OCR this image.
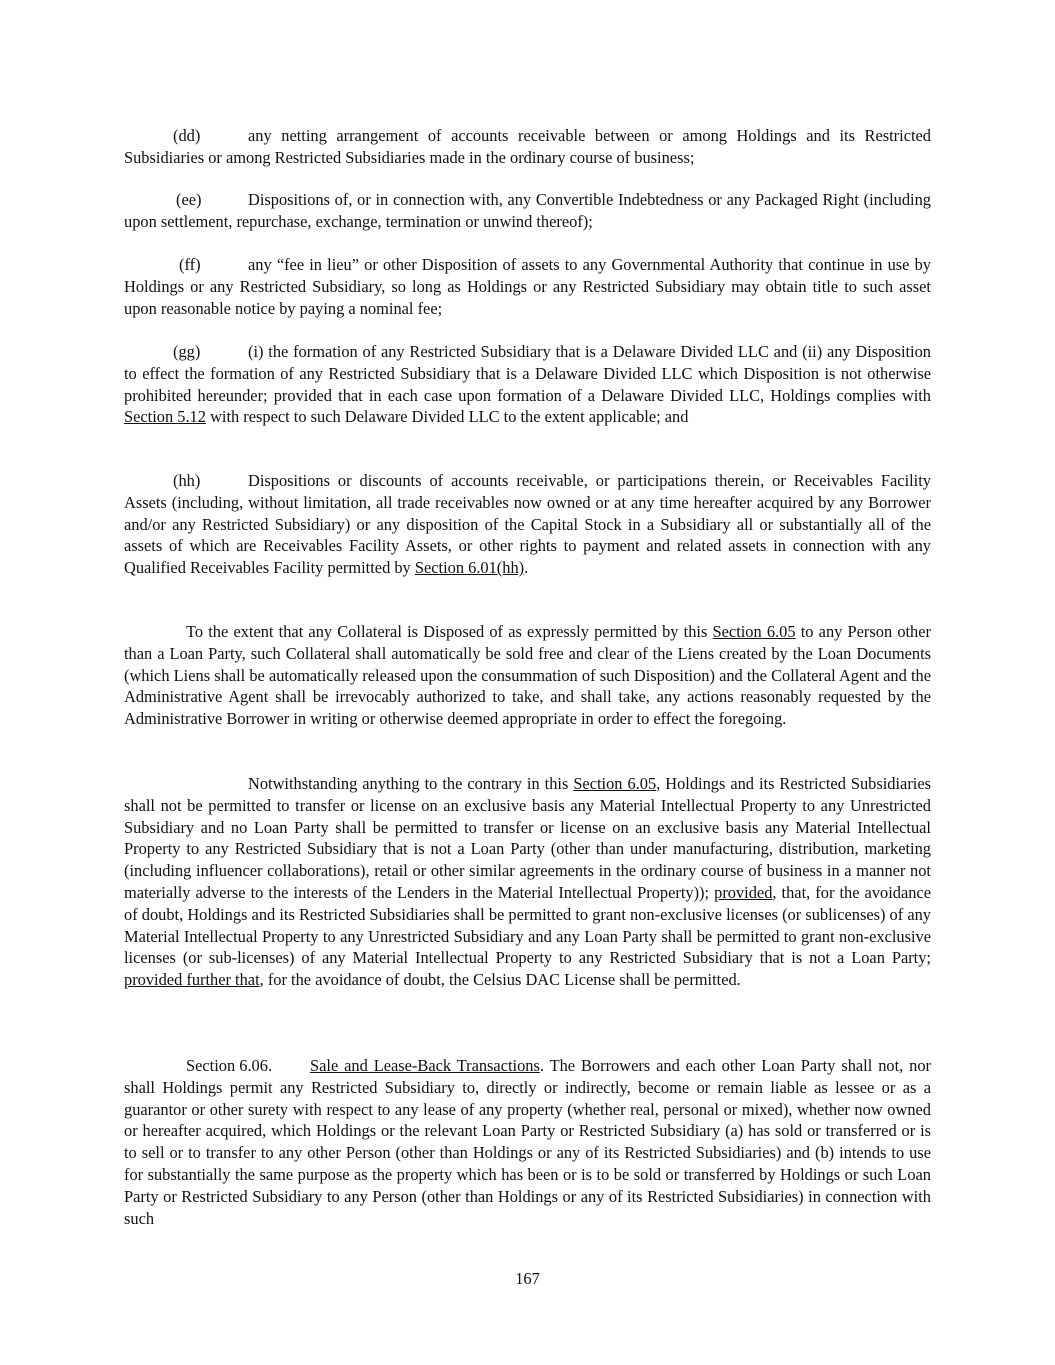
(dd)	any netting arrangement of accounts receivable between or among Holdings and its Restricted Subsidiaries or among Restricted Subsidiaries made in the ordinary course of business;

(ee)	Dispositions of, or in connection with, any Convertible Indebtedness or any Packaged Right (including upon settlement, repurchase, exchange, termination or unwind thereof);

(ff)	any “fee in lieu” or other Disposition of assets to any Governmental Authority that continue in use by Holdings or any Restricted Subsidiary, so long as Holdings or any Restricted Subsidiary may obtain title to such asset upon reasonable notice by paying a nominal fee;

(gg)	(i) the formation of any Restricted Subsidiary that is a Delaware Divided LLC and (ii) any Disposition to effect the formation of any Restricted Subsidiary that is a Delaware Divided LLC which Disposition is not otherwise prohibited hereunder; provided that in each case upon formation of a Delaware Divided LLC, Holdings complies with Section 5.12 with respect to such Delaware Divided LLC to the extent applicable; and

(hh)	Dispositions or discounts of accounts receivable, or participations therein, or Receivables Facility Assets (including, without limitation, all trade receivables now owned or at any time hereafter acquired by any Borrower and/or any Restricted Subsidiary) or any disposition of the Capital Stock in a Subsidiary all or substantially all of the assets of which are Receivables Facility Assets, or other rights to payment and related assets in connection with any Qualified Receivables Facility permitted by Section 6.01(hh).

To the extent that any Collateral is Disposed of as expressly permitted by this Section 6.05 to any Person other than a Loan Party, such Collateral shall automatically be sold free and clear of the Liens created by the Loan Documents (which Liens shall be automatically released upon the consummation of such Disposition) and the Collateral Agent and the Administrative Agent shall be irrevocably authorized to take, and shall take, any actions reasonably requested by the Administrative Borrower in writing or otherwise deemed appropriate in order to effect the foregoing.

Notwithstanding anything to the contrary in this Section 6.05, Holdings and its Restricted Subsidiaries shall not be permitted to transfer or license on an exclusive basis any Material Intellectual Property to any Unrestricted Subsidiary and no Loan Party shall be permitted to transfer or license on an exclusive basis any Material Intellectual Property to any Restricted Subsidiary that is not a Loan Party (other than under manufacturing, distribution, marketing (including influencer collaborations), retail or other similar agreements in the ordinary course of business in a manner not materially adverse to the interests of the Lenders in the Material Intellectual Property)); provided, that, for the avoidance of doubt, Holdings and its Restricted Subsidiaries shall be permitted to grant non-exclusive licenses (or sublicenses) of any Material Intellectual Property to any Unrestricted Subsidiary and any Loan Party shall be permitted to grant non-exclusive licenses (or sub-licenses) of any Material Intellectual Property to any Restricted Subsidiary that is not a Loan Party; provided further that, for the avoidance of doubt, the Celsius DAC License shall be permitted.

Section 6.06. Sale and Lease-Back Transactions. The Borrowers and each other Loan Party shall not, nor shall Holdings permit any Restricted Subsidiary to, directly or indirectly, become or remain liable as lessee or as a guarantor or other surety with respect to any lease of any property (whether real, personal or mixed), whether now owned or hereafter acquired, which Holdings or the relevant Loan Party or Restricted Subsidiary (a) has sold or transferred or is to sell or to transfer to any other Person (other than Holdings or any of its Restricted Subsidiaries) and (b) intends to use for substantially the same purpose as the property which has been or is to be sold or transferred by Holdings or such Loan Party or Restricted Subsidiary to any Person (other than Holdings or any of its Restricted Subsidiaries) in connection with such

167
